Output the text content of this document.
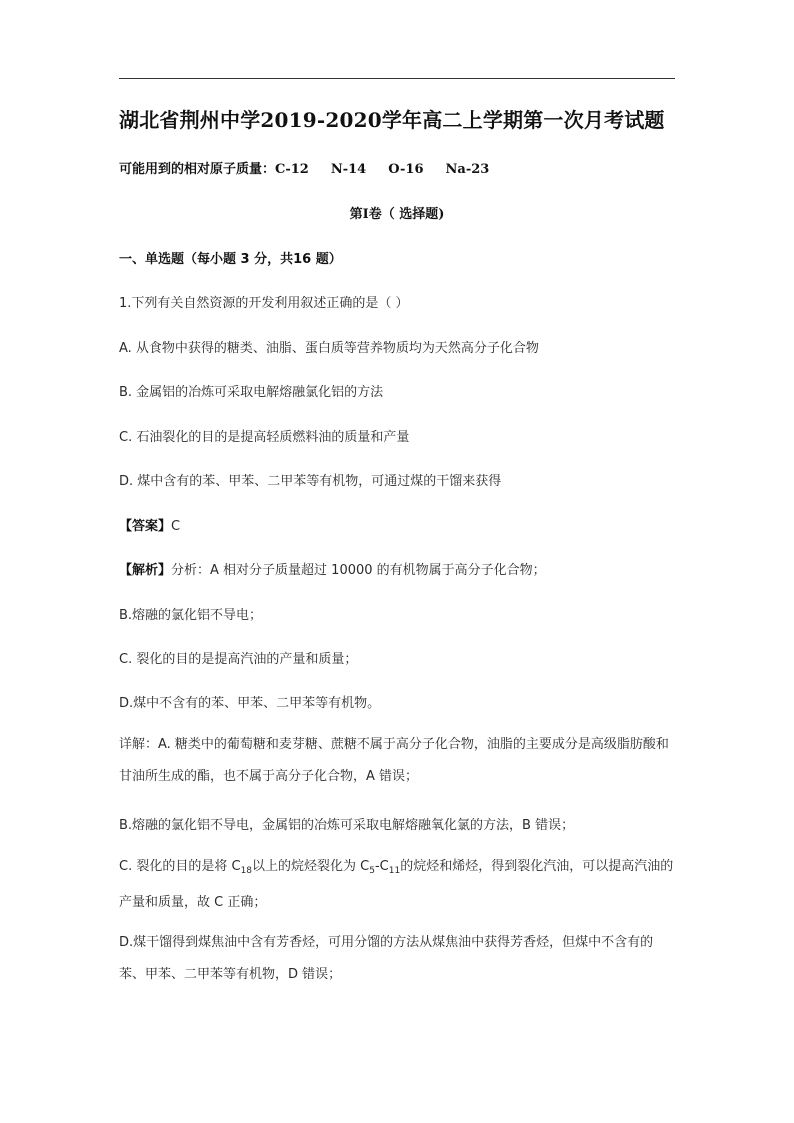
湖北省荆州中学2019-2020学年高二上学期第一次月考试题
可能用到的相对原子质量：C-12 N-14 O-16 Na-23
第Ⅰ卷（ 选择题)
一、单选题（每小题 3 分，共16 题）
1.下列有关自然资源的开发利用叙述正确的是（ ）
A. 从食物中获得的糖类、油脂、蛋白质等营养物质均为天然高分子化合物
B. 金属铝的冶炼可采取电解熔融氯化铝的方法
C. 石油裂化的目的是提高轻质燃料油的质量和产量
D. 煤中含有的苯、甲苯、二甲苯等有机物，可通过煤的干馏来获得
【答案】C
【解析】分析：A 相对分子质量超过 10000 的有机物属于高分子化合物；
B.熔融的氯化铝不导电；
C. 裂化的目的是提高汽油的产量和质量；
D.煤中不含有的苯、甲苯、二甲苯等有机物。
详解：A. 糖类中的葡萄糖和麦芽糖、蔗糖不属于高分子化合物，油脂的主要成分是高级脂肪酸和甘油所生成的酯，也不属于高分子化合物，A 错误；
B.熔融的氯化铝不导电，金属铝的冶炼可采取电解熔融氧化氯的方法，B 错误；
C. 裂化的目的是将 $C_{18}$以上的烷烃裂化为 $C_5-C_{11}$的烷烃和烯烃，得到裂化汽油，可以提高汽油的产量和质量，故 C 正确；
D.煤干馏得到煤焦油中含有芳香烃，可用分馏的方法从煤焦油中获得芳香烃，但煤中不含有的苯、甲苯、二甲苯等有机物，D 错误；
